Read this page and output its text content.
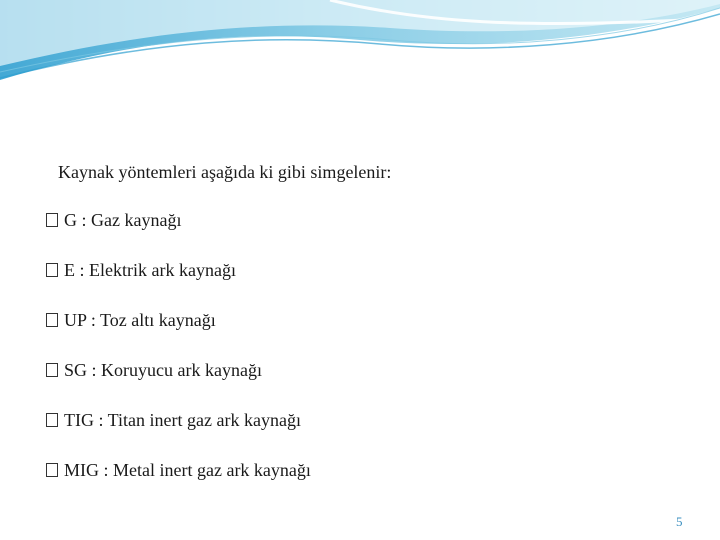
Kaynak yöntemleri aşağıda ki gibi simgelenir:
G : Gaz kaynağı
E : Elektrik ark kaynağı
UP : Toz altı kaynağı
SG : Koruyucu ark kaynağı
TIG : Titan inert gaz ark kaynağı
MIG : Metal inert gaz ark kaynağı
5
